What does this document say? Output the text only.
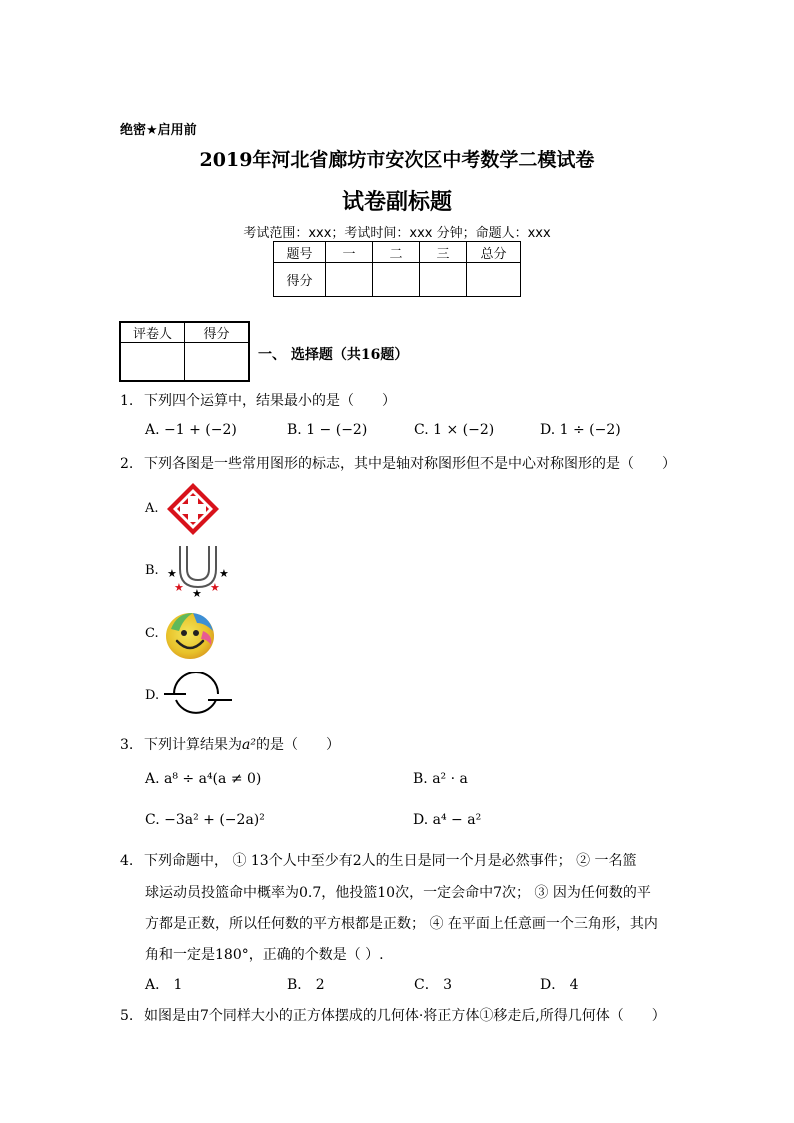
绝密★启用前
2019年河北省廊坊市安次区中考数学二模试卷
试卷副标题
考试范围：xxx；考试时间：xxx 分钟；命题人：xxx
题号	一	二	三	总分
得分				
评卷人	得分

一、 选择题（共16题）
1. 下列四个运算中，结果最小的是（　　）
A. −1 + (−2)	B. 1 − (−2)	C. 1 × (−2)	D. 1 ÷ (−2)
2. 下列各图是一些常用图形的标志，其中是轴对称图形但不是中心对称图形的是（　　）
A.
B. ★	★
★ ★ ★
C.
D.
3. 下列计算结果为a²的是（　　）
A. a⁸ ÷ a⁴(a ≠ 0)	B. a² · a
C. −3a² + (−2a)²	D. a⁴ − a²
4. 下列命题中， ① 13个人中至少有2人的生日是同一个月是必然事件； ② 一名篮
球运动员投篮命中概率为0.7，他投篮10次，一定会命中7次； ③ 因为任何数的平
方都是正数，所以任何数的平方根都是正数； ④ 在平面上任意画一个三角形，其内
角和一定是180°，正确的个数是（ ）.
A． 1	B． 2	C． 3	D． 4
5. 如图是由7个同样大小的正方体摆成的几何体·将正方体①移走后,所得几何体（　　）
